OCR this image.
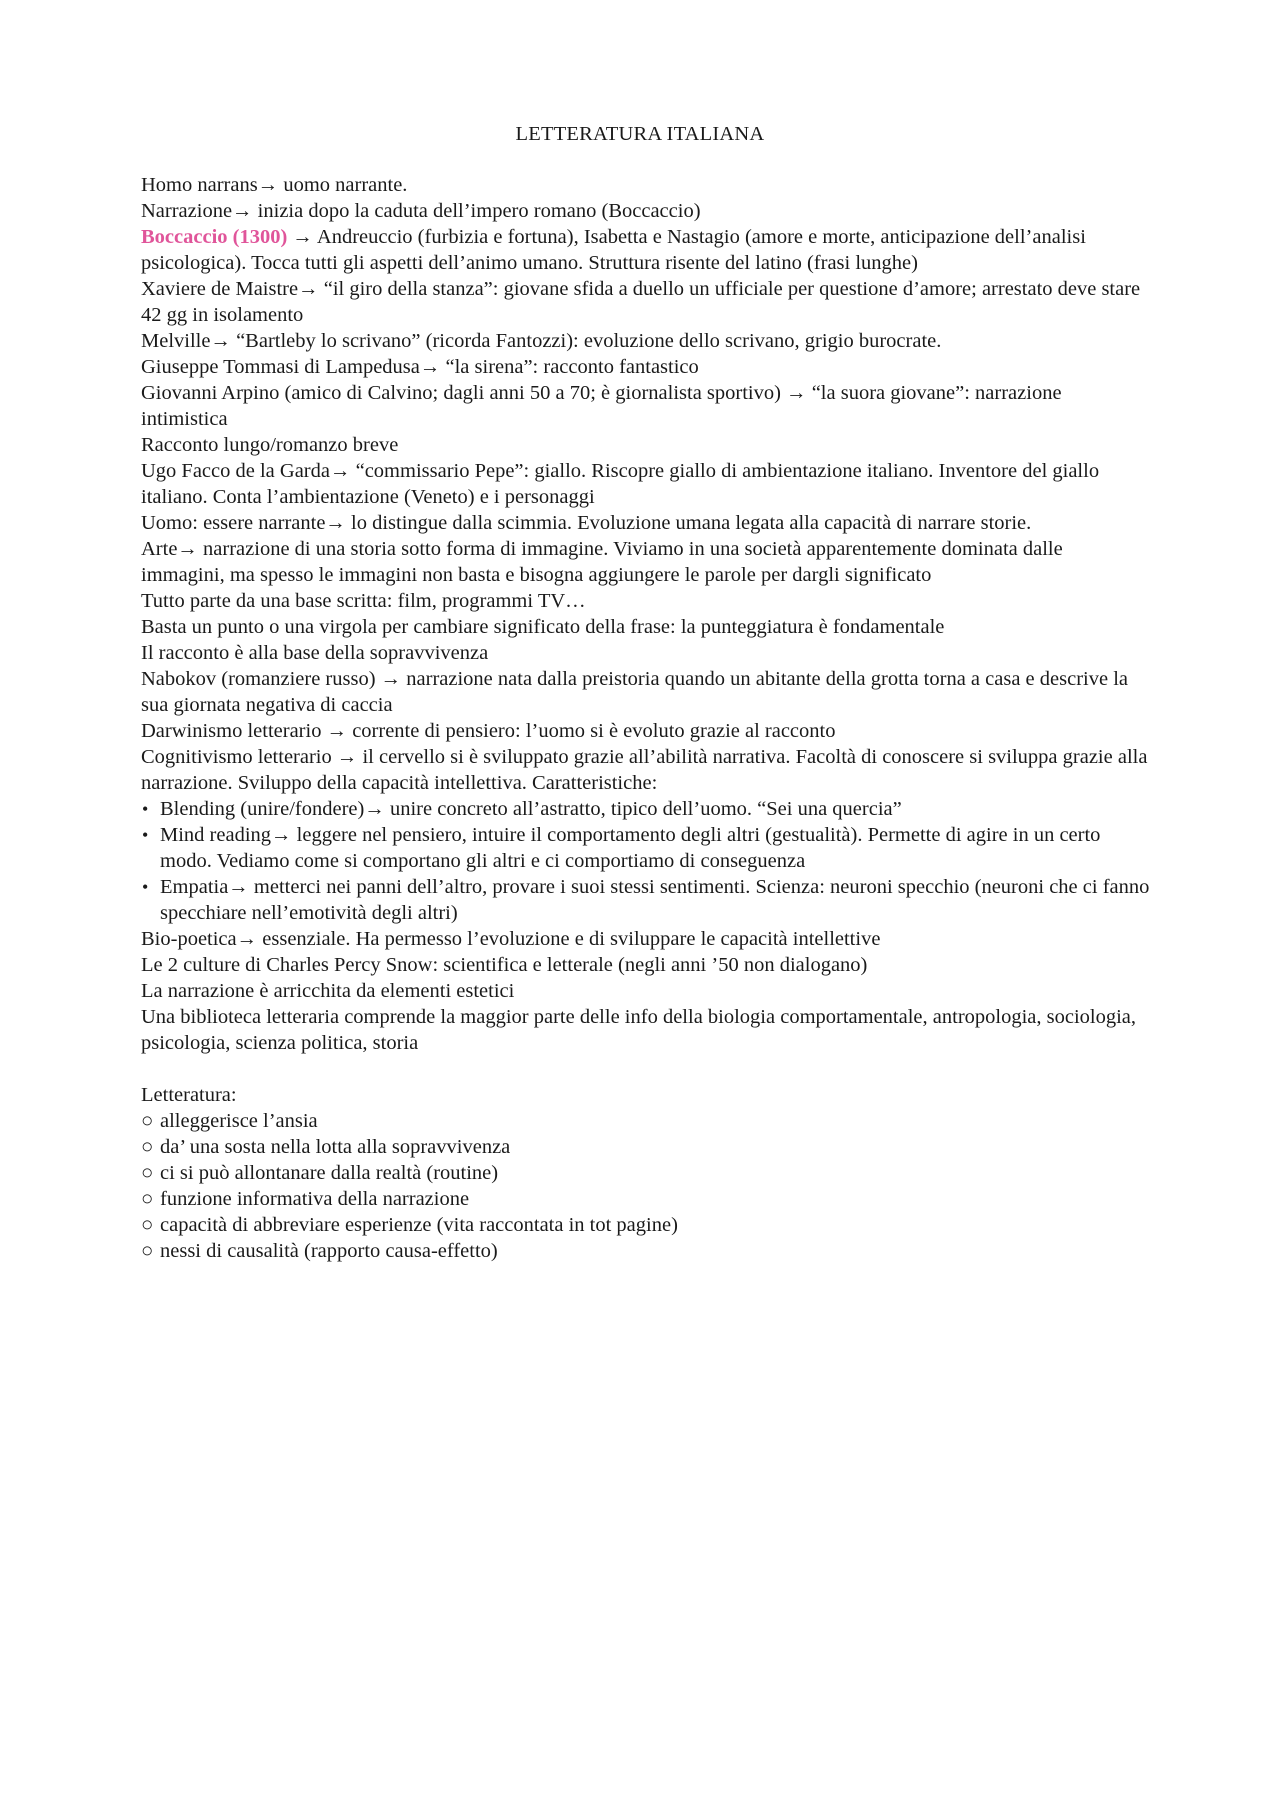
LETTERATURA ITALIANA

Homo narrans→ uomo narrante.

Narrazione→ inizia dopo la caduta dell’impero romano (Boccaccio)

Boccaccio (1300) → Andreuccio (furbizia e fortuna), Isabetta e Nastagio (amore e morte, anticipazione dell’analisi psicologica). Tocca tutti gli aspetti dell’animo umano. Struttura risente del latino (frasi lunghe)

Xaviere de Maistre→ “il giro della stanza”: giovane sfida a duello un ufficiale per questione d’amore; arrestato deve stare 42 gg in isolamento

Melville→ “Bartleby lo scrivano” (ricorda Fantozzi): evoluzione dello scrivano, grigio burocrate.

Giuseppe Tommasi di Lampedusa→ “la sirena”: racconto fantastico

Giovanni Arpino (amico di Calvino; dagli anni 50 a 70; è giornalista sportivo) → “la suora giovane”: narrazione intimistica

Racconto lungo/romanzo breve

Ugo Facco de la Garda→ “commissario Pepe”: giallo. Riscopre giallo di ambientazione italiano. Inventore del giallo italiano. Conta l’ambientazione (Veneto) e i personaggi

Uomo: essere narrante→ lo distingue dalla scimmia. Evoluzione umana legata alla capacità di narrare storie.

Arte→ narrazione di una storia sotto forma di immagine. Viviamo in una società apparentemente dominata dalle immagini, ma spesso le immagini non basta e bisogna aggiungere le parole per dargli significato

Tutto parte da una base scritta: film, programmi TV…

Basta un punto o una virgola per cambiare significato della frase: la punteggiatura è fondamentale

Il racconto è alla base della sopravvivenza

Nabokov (romanziere russo) → narrazione nata dalla preistoria quando un abitante della grotta torna a casa e descrive la sua giornata negativa di caccia

Darwinismo letterario → corrente di pensiero: l’uomo si è evoluto grazie al racconto

Cognitivismo letterario → il cervello si è sviluppato grazie all’abilità narrativa. Facoltà di conoscere si sviluppa grazie alla narrazione. Sviluppo della capacità intellettiva. Caratteristiche:

• Blending (unire/fondere)→ unire concreto all’astratto, tipico dell’uomo. “Sei una quercia”
• Mind reading→ leggere nel pensiero, intuire il comportamento degli altri (gestualità). Permette di agire in un certo modo. Vediamo come si comportano gli altri e ci comportiamo di conseguenza
• Empatia→ metterci nei panni dell’altro, provare i suoi stessi sentimenti. Scienza: neuroni specchio (neuroni che ci fanno specchiare nell’emotività degli altri)

Bio-poetica→ essenziale. Ha permesso l’evoluzione e di sviluppare le capacità intellettive

Le 2 culture di Charles Percy Snow: scientifica e letterale (negli anni ’50 non dialogano)

La narrazione è arricchita da elementi estetici

Una biblioteca letteraria comprende la maggior parte delle info della biologia comportamentale, antropologia, sociologia, psicologia, scienza politica, storia

Letteratura:

○ alleggerisce l’ansia
○ da’ una sosta nella lotta alla sopravvivenza
○ ci si può allontanare dalla realtà (routine)
○ funzione informativa della narrazione
○ capacità di abbreviare esperienze (vita raccontata in tot pagine)
○ nessi di causalità (rapporto causa-effetto)
